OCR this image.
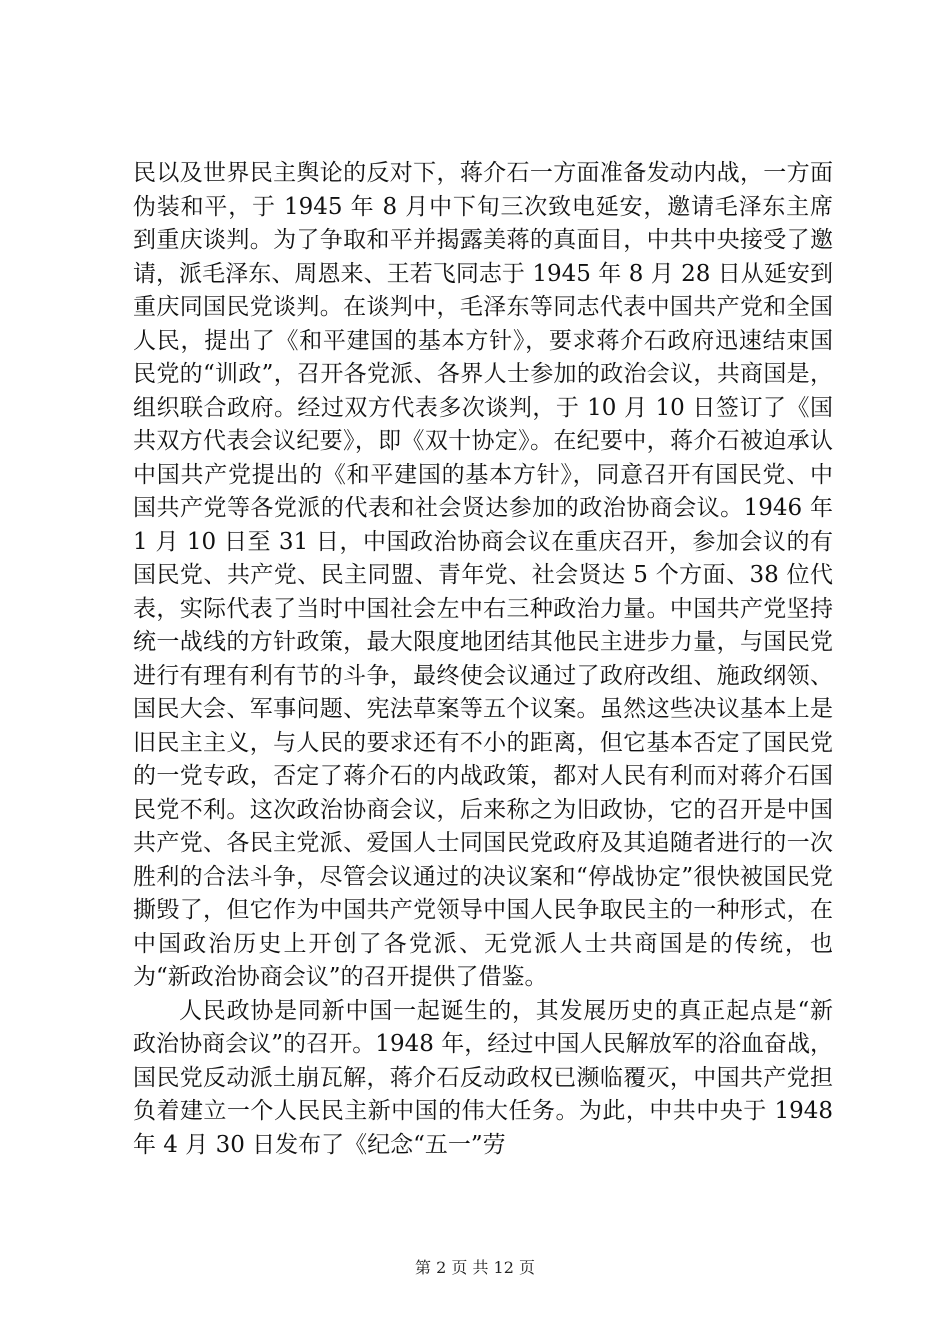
民以及世界民主舆论的反对下，蒋介石一方面准备发动内战，一方面伪装和平，于 1945 年 8 月中下旬三次致电延安，邀请毛泽东主席到重庆谈判。为了争取和平并揭露美蒋的真面目，中共中央接受了邀请，派毛泽东、周恩来、王若飞同志于 1945 年 8 月 28 日从延安到重庆同国民党谈判。在谈判中，毛泽东等同志代表中国共产党和全国人民，提出了《和平建国的基本方针》，要求蒋介石政府迅速结束国民党的“训政”，召开各党派、各界人士参加的政治会议，共商国是，组织联合政府。经过双方代表多次谈判，于 10 月 10 日签订了《国共双方代表会议纪要》，即《双十协定》。在纪要中，蒋介石被迫承认中国共产党提出的《和平建国的基本方针》，同意召开有国民党、中国共产党等各党派的代表和社会贤达参加的政治协商会议。1946 年 1 月 10 日至 31 日，中国政治协商会议在重庆召开，参加会议的有国民党、共产党、民主同盟、青年党、社会贤达 5 个方面、38 位代表，实际代表了当时中国社会左中右三种政治力量。中国共产党坚持统一战线的方针政策，最大限度地团结其他民主进步力量，与国民党进行有理有利有节的斗争，最终使会议通过了政府改组、施政纲领、国民大会、军事问题、宪法草案等五个议案。虽然这些决议基本上是旧民主主义，与人民的要求还有不小的距离，但它基本否定了国民党的一党专政，否定了蒋介石的内战政策，都对人民有利而对蒋介石国民党不利。这次政治协商会议，后来称之为旧政协，它的召开是中国共产党、各民主党派、爱国人士同国民党政府及其追随者进行的一次胜利的合法斗争，尽管会议通过的决议案和“停战协定”很快被国民党撕毁了，但它作为中国共产党领导中国人民争取民主的一种形式，在中国政治历史上开创了各党派、无党派人士共商国是的传统，也为“新政治协商会议”的召开提供了借鉴。

人民政协是同新中国一起诞生的，其发展历史的真正起点是“新政治协商会议”的召开。1948 年，经过中国人民解放军的浴血奋战，国民党反动派土崩瓦解，蒋介石反动政权已濒临覆灭，中国共产党担负着建立一个人民民主新中国的伟大任务。为此，中共中央于 1948 年 4 月 30 日发布了《纪念“五一”劳

第 2 页 共 12 页
